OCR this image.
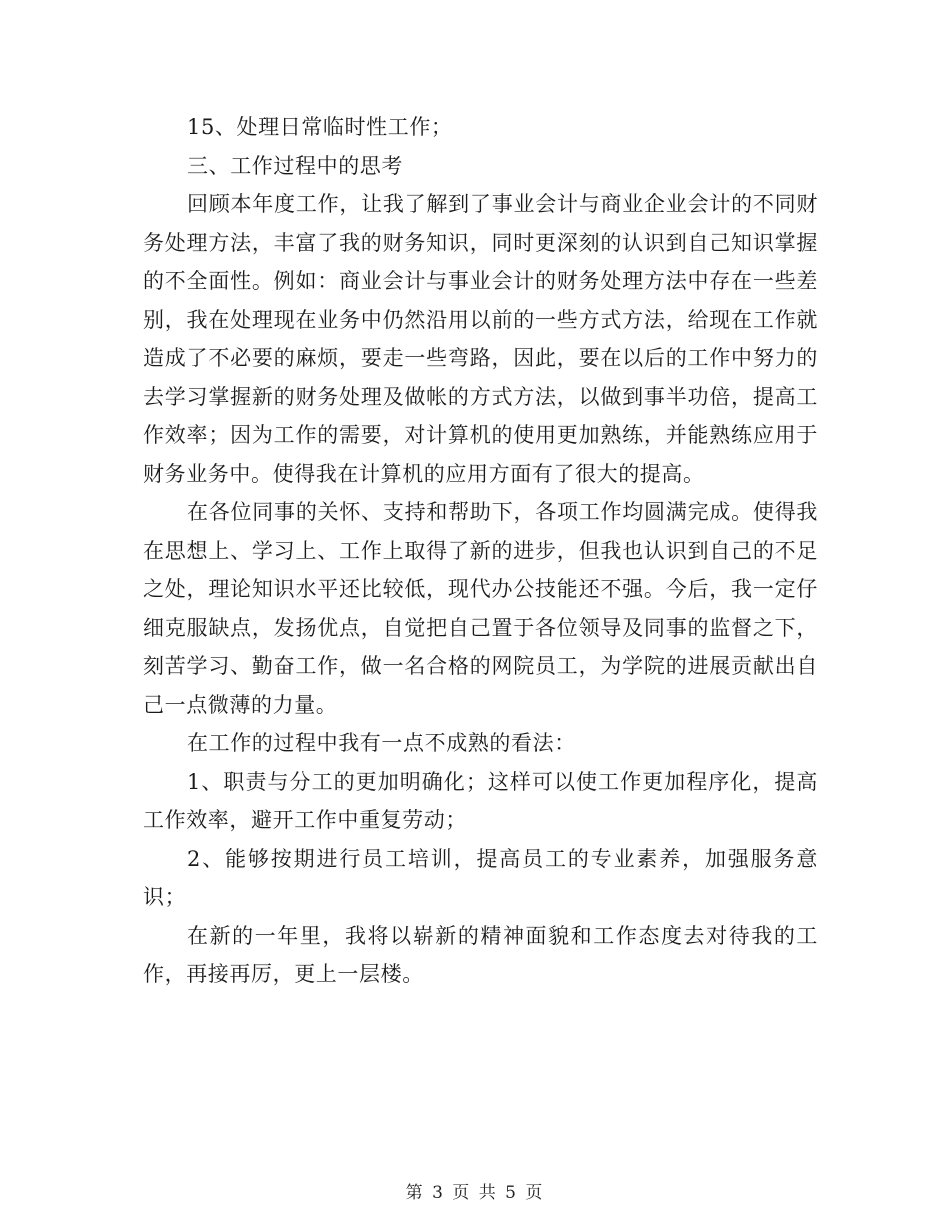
15、处理日常临时性工作；

三、工作过程中的思考

回顾本年度工作，让我了解到了事业会计与商业企业会计的不同财务处理方法，丰富了我的财务知识，同时更深刻的认识到自己知识掌握的不全面性。例如：商业会计与事业会计的财务处理方法中存在一些差别，我在处理现在业务中仍然沿用以前的一些方式方法，给现在工作就造成了不必要的麻烦，要走一些弯路，因此，要在以后的工作中努力的去学习掌握新的财务处理及做帐的方式方法，以做到事半功倍，提高工作效率；因为工作的需要，对计算机的使用更加熟练，并能熟练应用于财务业务中。使得我在计算机的应用方面有了很大的提高。

在各位同事的关怀、支持和帮助下，各项工作均圆满完成。使得我在思想上、学习上、工作上取得了新的进步，但我也认识到自己的不足之处，理论知识水平还比较低，现代办公技能还不强。今后，我一定仔细克服缺点，发扬优点，自觉把自己置于各位领导及同事的监督之下，刻苦学习、勤奋工作，做一名合格的网院员工，为学院的进展贡献出自己一点微薄的力量。

在工作的过程中我有一点不成熟的看法：

1、职责与分工的更加明确化；这样可以使工作更加程序化，提高工作效率，避开工作中重复劳动；

2、能够按期进行员工培训，提高员工的专业素养，加强服务意识；

在新的一年里，我将以崭新的精神面貌和工作态度去对待我的工作，再接再厉，更上一层楼。

第 3 页 共 5 页
